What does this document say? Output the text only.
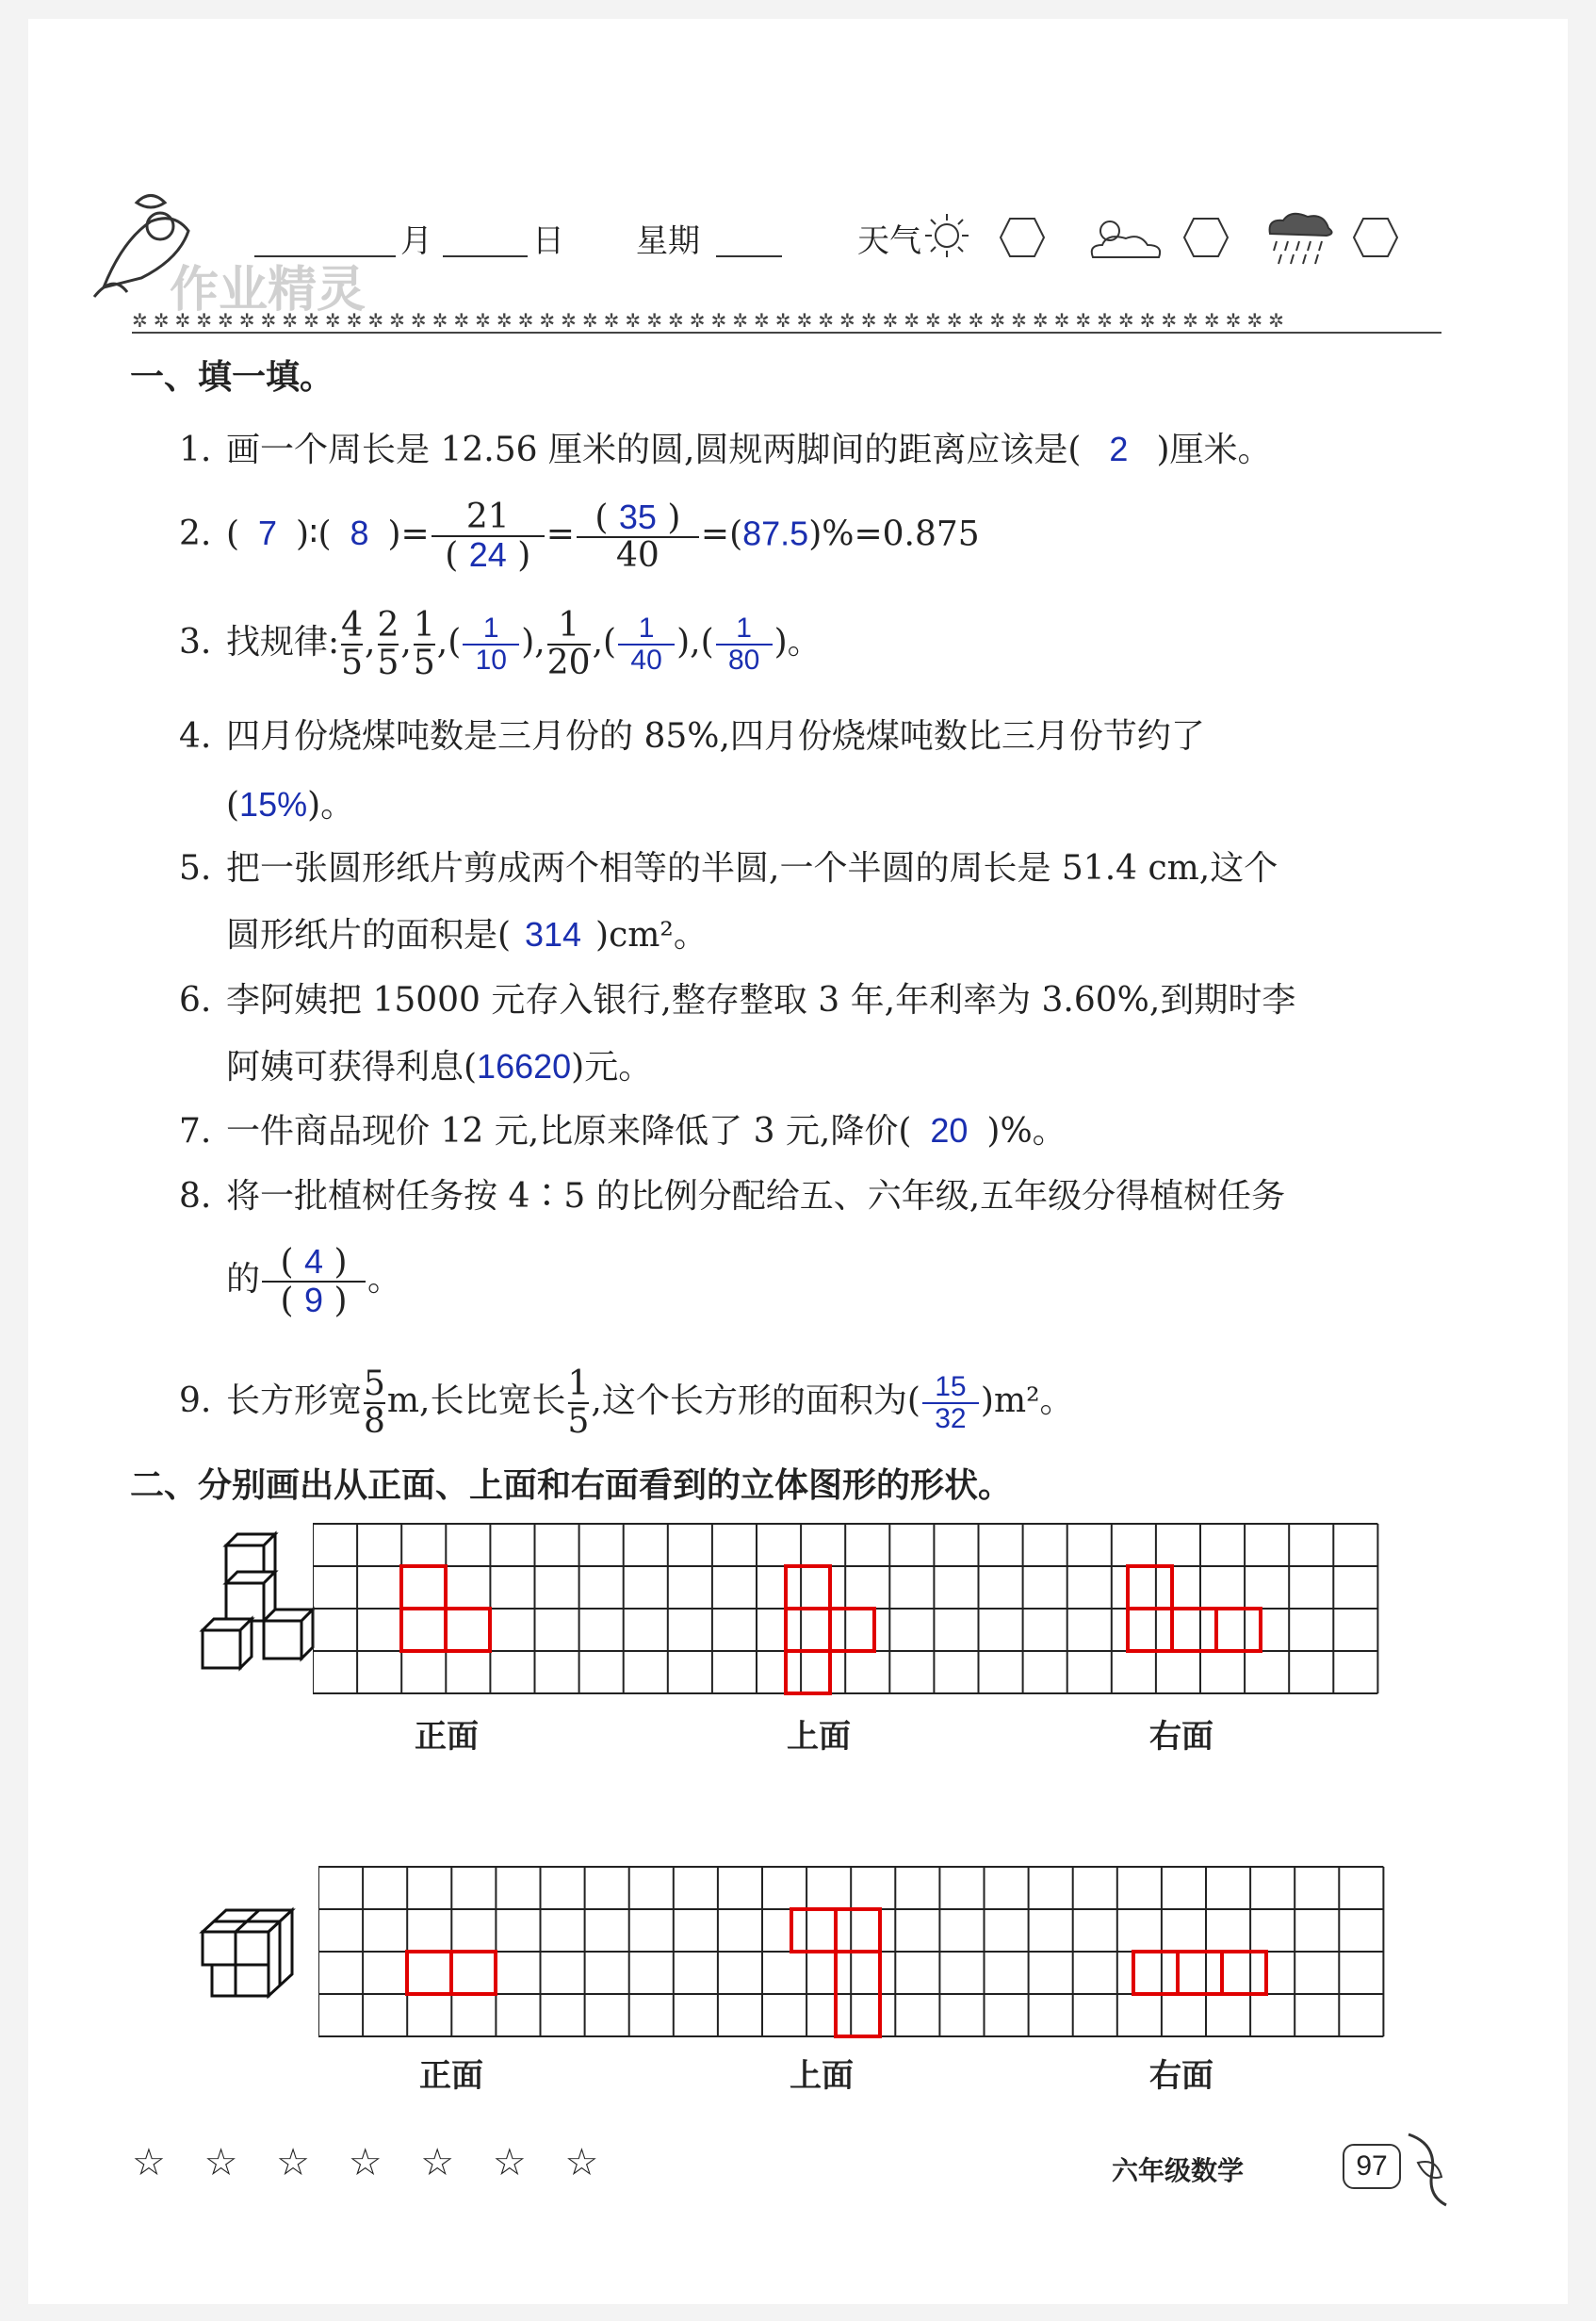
作业精灵
月	日 星期	天气
✲✲✲✲✲✲✲✲✲✲✲✲✲✲✲✲✲✲✲✲✲✲✲✲✲✲✲✲✲✲✲✲✲✲✲✲✲✲✲✲✲✲✲✲✲✲✲✲✲✲✲✲✲✲
一、填一填。
1. 画一个周长是 12.56 厘米的圆,圆规两脚间的距离应该是( 2 )厘米。
2. ( 7 )∶( 8 )= $\frac{21}{( 24 )} = \frac{( 35 )}{40} =(87.5)\%=0.875$
3. 找规律: $\frac{4}{5}$ , $\frac{2}{5}$ , $\frac{1}{5}$ ,( $\frac{1}{10}$ ), $\frac{1}{20}$ ,( $\frac{1}{40}$ ),( $\frac{1}{80}$ )。
4. 四月份烧煤吨数是三月份的 85%,四月份烧煤吨数比三月份节约了
(15%)。
5. 把一张圆形纸片剪成两个相等的半圆,一个半圆的周长是 51.4 cm,这个
圆形纸片的面积是( 314 )cm²。
6. 李阿姨把 15000 元存入银行,整存整取 3 年,年利率为 3.60%,到期时李
阿姨可获得利息(16620)元。
7. 一件商品现价 12 元,比原来降低了 3 元,降价( 20 )%。
8. 将一批植树任务按 4∶5 的比例分配给五、六年级,五年级分得植树任务
的 $\frac{( 4 )}{( 9 )}$ 。
9. 长方形宽 $\frac{5}{8} m$,长比宽长 $\frac{1}{5}$ ,这个长方形的面积为( $\frac{15}{32} )m^2$。
二、分别画出从正面、上面和右面看到的立体图形的形状。
正面	上面	右面
正面	上面	右面
☆ ☆ ☆ ☆ ☆ ☆ ☆	六年级数学	97
